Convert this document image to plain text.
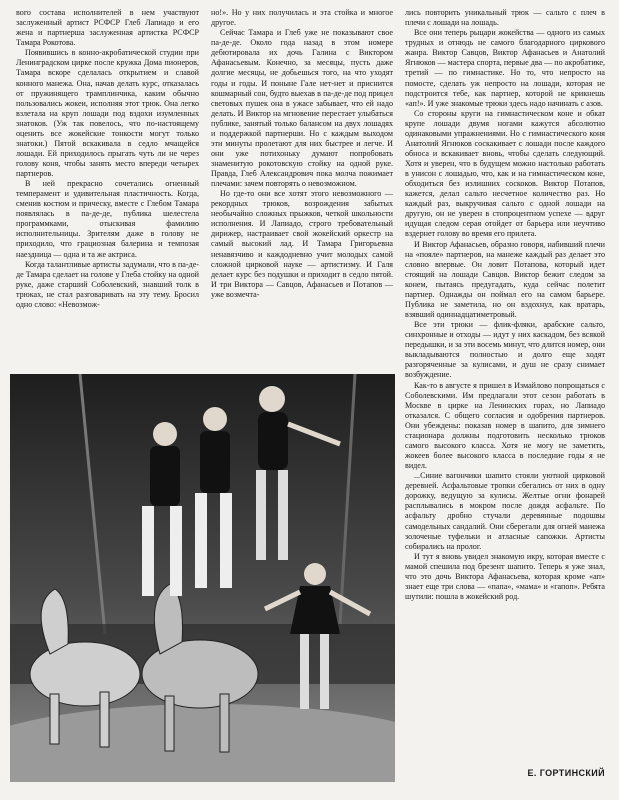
вого состава исполнителей в нем участвуют заслуженный артист РСФСР Глеб Лапиадо и его жена и партнерша заслуженная артистка РСФСР Тамара Рокотова.

Появившись в конно-акробатической студии при Ленинградском цирке после кружка Дома пионеров, Тамара вскоре сделалась открытием и славой конного манежа. Она, начав делать курс, отказалась от пружинящего трамплинчика, каким обычно пользовались жокеи, исполняя этот трюк. Она легко взлетала на круп лошади под вздохи изумленных знатоков. (Уж так повелось, что по-настоящему оценить все жокейские тонкости могут только знатоки.) Пятой вскакивала в седло мчащейся лошади. Ей приходилось прыгать чуть ли не через голову коня, чтобы занять место впереди четырех партнеров.

В ней прекрасно сочетались огненный темперамент и удивительная пластичность. Когда, сменив костюм и прическу, вместе с Глебом Тамара появлялась в па-де-де, публика шелестела программками, отыскивая фамилию исполнительницы. Зрителям даже в голову не приходило, что грациозная балерина и темпозая наездница — одна и та же актриса.

Когда талантливые артисты задумали, что в па-де-де Тамара сделает на голове у Глеба стойку на одной руке, даже старший Соболевский, знавший толк в трюках, не стал разговаривать на эту тему. Бросил одно слово: «Невозмож-

но!». Но у них получилась и эта стойка и многое другое.

Сейчас Тамара и Глеб уже не показывают свое па-де-де. Около года назад в этом номере дебютировала их дочь Галина с Виктором Афанасьевым. Конечно, за месяцы, пусть даже долгие месяцы, не добьешься того, на что уходят годы и годы. И поныне Гале нет-нет и приснится кошмарный сон, будто выехав в па-де-де под прицел световых пушек она в ужасе забывает, что ей надо делать. И Виктор на мгновение перестает улыбаться публике, занятый только балансом на двух лошадях и поддержкой партнерши. Но с каждым выходом эти минуты пролетают для них быстрее и легче. И они уже потихоньку думают попробовать знаменитую рокотовскую стойку на одной руке. Правда, Глеб Александрович пока молча пожимает плечами: зачем повторять о невозможном.

Но где-то они все хотят этого невозможного — рекордных трюков, возрождения забытых необычайно сложных прыжков, четкой школьности исполнения. И Лапиадо, строго требовательный дирижер, настраивает свой жокейский оркестр на самый высокий лад. И Тамара Григорьевна ненавязчиво и каждодневно учит молодых самой сложной цирковой науке — артистизму. И Галя делает курс без подушки и приходит в седло пятой. И три Виктора — Савцов, Афанасьев и Потапов — уже возмечта-

лись повторить уникальный трюк — сальто с плеч в плечи с лошади на лошадь.

Все они теперь рыцари жокейства — одного из самых трудных и отнюдь не самого благодарного циркового жанра. Виктор Савцов, Виктор Афанасьев и Анатолий Ягнюков — мастера спорта, первые два — по акробатике, третий — по гимнастике. Но то, что непросто на помосте, сделать уж непросто на лошади, которая не подстроится тебе, как партнер, которой не крикнешь «ап!». И уже знакомые трюки здесь надо начинать с азов.

Со стороны круги на гимнастическом коне и обкат крупе лошади двумя ногами кажутся абсолютно одинаковыми упражнениями. Но с гимнастического коня Анатолий Ягнюков соскакивает с лошади после каждого обноса и вскакивает вновь, чтобы сделать следующий. Хотя и уверен, что в будущем можно настолько работать в унисон с лошадью, что, как и на гимнастическом коне, обходиться без излишних соскоков. Виктор Потапов, кажется, делал сальто несчетное количество раз. Но каждый раз, выкручивая сальто с одной лошади на другую, он не уверен в стопроцентном успехе — вдруг идущая следом серая отойдет от барьера или неучтиво вздернет голову во время его прилета.

И Виктор Афанасьев, образно говоря, набивший плечи на «пояле» партнеров, на манеже каждый раз делает это словно впервые. Он ловит Потапова, который идет стоящий на лошади Савцов. Виктор бежит следом за конем, пытаясь предугадать, куда сейчас полетит партнер. Однажды он поймал его на самом барьере. Публика не заметила, но он вздохнул, как вратарь, взявший одиннадцатиметровый.

Все эти трюки — флик-фляки, арабские сальто, синхронные и отходы — идут у них каскадом, без всякой передышки, и за эти восемь минут, что длится номер, они выкладываются полностью и долго еще ходят разгоряченные за кулисами, и душ не сразу снимает возбуждение.

Как-то в августе я пришел в Измайлово попрощаться с Соболевскими. Им предлагали этот сезон работать в Москве в цирке на Ленинских горах, но Лапиадо отказался. С общего согласия и одобрения партнеров. Они убеждены: показав номер в шапито, для зимнего стационара должны подготовить несколько трюков самого высокого класса. Хотя не могу не заметить, жокеев более высокого класса в последние годы я не видел.

...Синие вагончики шапито стояли уютной цирковой деревней. Асфальтовые тропки сбегались от них в одну дорожку, ведущую за кулисы. Желтые огни фонарей расплывались в мокром после дождя асфальте. По асфальту дробно стучали деревянные подошвы самодельных сандалий. Они сберегали для огней манежа золоченые туфельки и атласные сапожки. Артисты собирались на пролог.

И тут я вновь увидел знакомую икру, которая вместе с мамой спешила под брезент шапито. Теперь я уже знал, что это дочь Виктора Афанасьева, которая кроме «ап» знает еще три слова — «папа», «мама» и «гапоп». Ребята шутили: пошла в жокейский род.

Е. ГОРТИНСКИЙ
